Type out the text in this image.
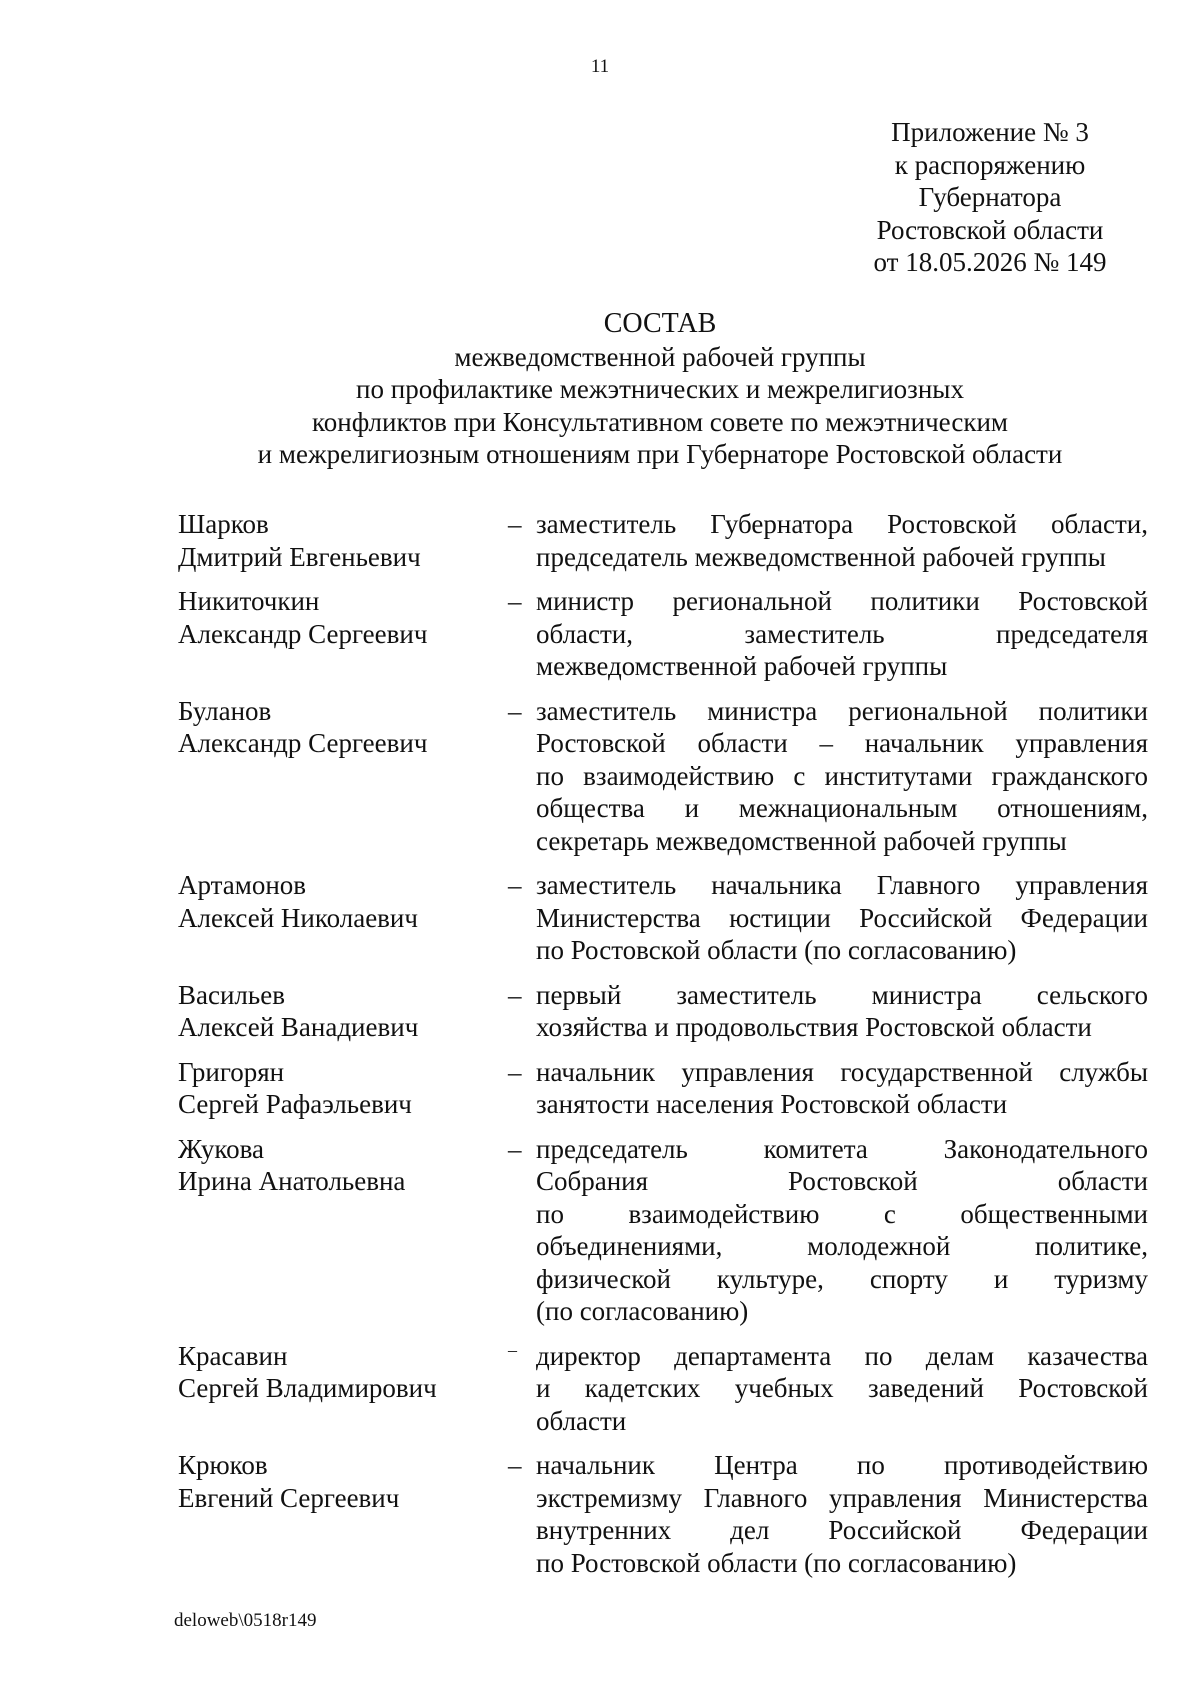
11
Приложение № 3
к распоряжению
Губернатора
Ростовской области
от 18.05.2026 № 149
СОСТАВ
межведомственной рабочей группы
по профилактике межэтнических и межрелигиозных
конфликтов при Консультативном совете по межэтническим
и межрелигиозным отношениям при Губернаторе Ростовской области
Шарков
Дмитрий Евгеньевич
– заместитель Губернатора Ростовской области,
председатель межведомственной рабочей группы
Никиточкин
Александр Сергеевич
– министр региональной политики Ростовской
области, заместитель председателя
межведомственной рабочей группы
Буланов
Александр Сергеевич
– заместитель министра региональной политики
Ростовской области – начальник управления
по взаимодействию с институтами гражданского
общества и межнациональным отношениям,
секретарь межведомственной рабочей группы
Артамонов
Алексей Николаевич
– заместитель начальника Главного управления
Министерства юстиции Российской Федерации
по Ростовской области (по согласованию)
Васильев
Алексей Ванадиевич
– первый заместитель министра сельского
хозяйства и продовольствия Ростовской области
Григорян
Сергей Рафаэльевич
– начальник управления государственной службы
занятости населения Ростовской области
Жукова
Ирина Анатольевна
– председатель комитета Законодательного
Собрания Ростовской области
по взаимодействию с общественными
объединениями, молодежной политике,
физической культуре, спорту и туризму
(по согласованию)
Красавин
Сергей Владимирович
– директор департамента по делам казачества
и кадетских учебных заведений Ростовской
области
Крюков
Евгений Сергеевич
– начальник Центра по противодействию
экстремизму Главного управления Министерства
внутренних дел Российской Федерации
по Ростовской области (по согласованию)
deloweb\0518r149
